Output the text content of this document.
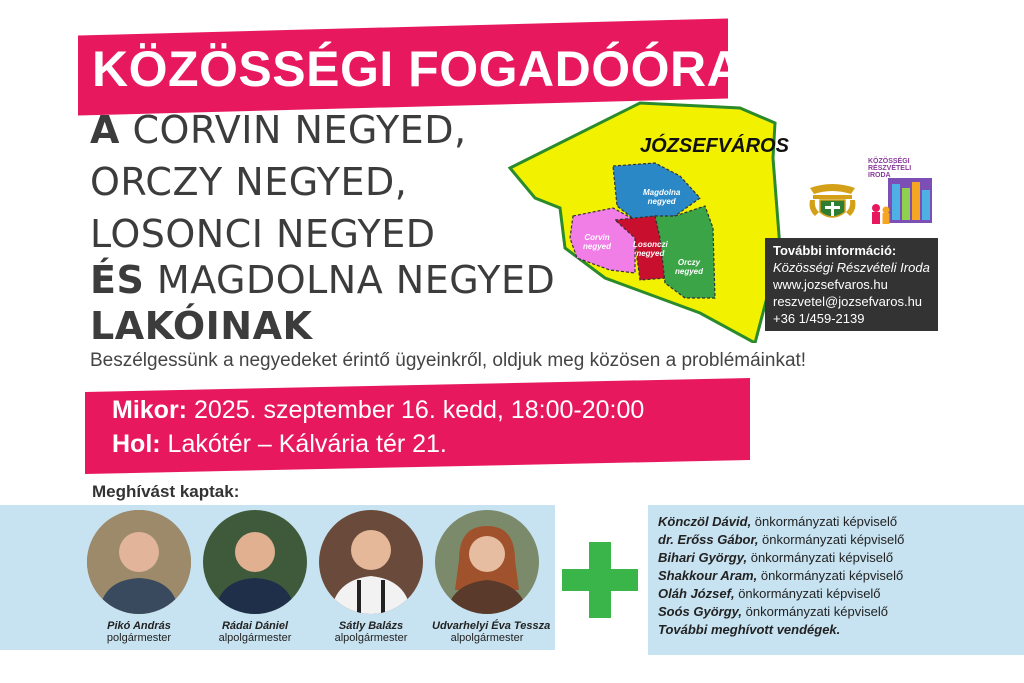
KÖZÖSSÉGI FOGADÓÓRA
A CORVIN NEGYED,
ORCZY NEGYED,
LOSONCI NEGYED
ÉS MAGDOLNA NEGYED
LAKÓINAK
Beszélgessünk a negyedeket érintő ügyeinkről, oldjuk meg közösen a problémáinkat!
Mikor: 2025. szeptember 16. kedd, 18:00-20:00
Hol: Lakótér – Kálvária tér 21.
JÓZSEFVÁROS
Magdolna
negyed
Corvin
negyed	Losonczi
negyed
Orczy
negyed
KÖZÖSSÉGI
RÉSZVÉTELI
IRODA
További információ:
Közösségi Részvételi Iroda
www.jozsefvaros.hu
reszvetel@jozsefvaros.hu
+36 1/459-2139
Meghívást kaptak:
Pikó András
polgármester
Rádai Dániel
alpolgármester
Sátly Balázs
alpolgármester
Udvarhelyi Éva Tessza
alpolgármester
Könczöl Dávid, önkormányzati képviselő
dr. Erőss Gábor, önkormányzati képviselő
Bihari György, önkormányzati képviselő
Shakkour Aram, önkormányzati képviselő
Oláh József, önkormányzati képviselő
Soós György, önkormányzati képviselő
További meghívott vendégek.
